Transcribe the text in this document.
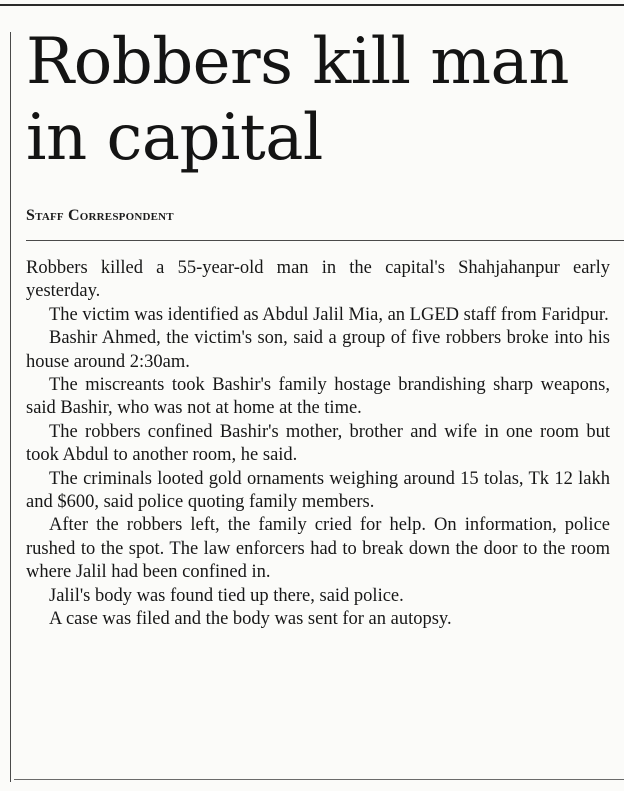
Robbers kill man in capital
Staff Correspondent

Robbers killed a 55-year-old man in the capital's Shahjahanpur early yesterday.

The victim was identified as Abdul Jalil Mia, an LGED staff from Faridpur.

Bashir Ahmed, the victim's son, said a group of five robbers broke into his house around 2:30am.

The miscreants took Bashir's family hostage brandishing sharp weapons, said Bashir, who was not at home at the time.

The robbers confined Bashir's mother, brother and wife in one room but took Abdul to another room, he said.

The criminals looted gold ornaments weighing around 15 tolas, Tk 12 lakh and $600, said police quoting family members.

After the robbers left, the family cried for help. On information, police rushed to the spot. The law enforcers had to break down the door to the room where Jalil had been confined in.

Jalil's body was found tied up there, said police.

A case was filed and the body was sent for an autopsy.
